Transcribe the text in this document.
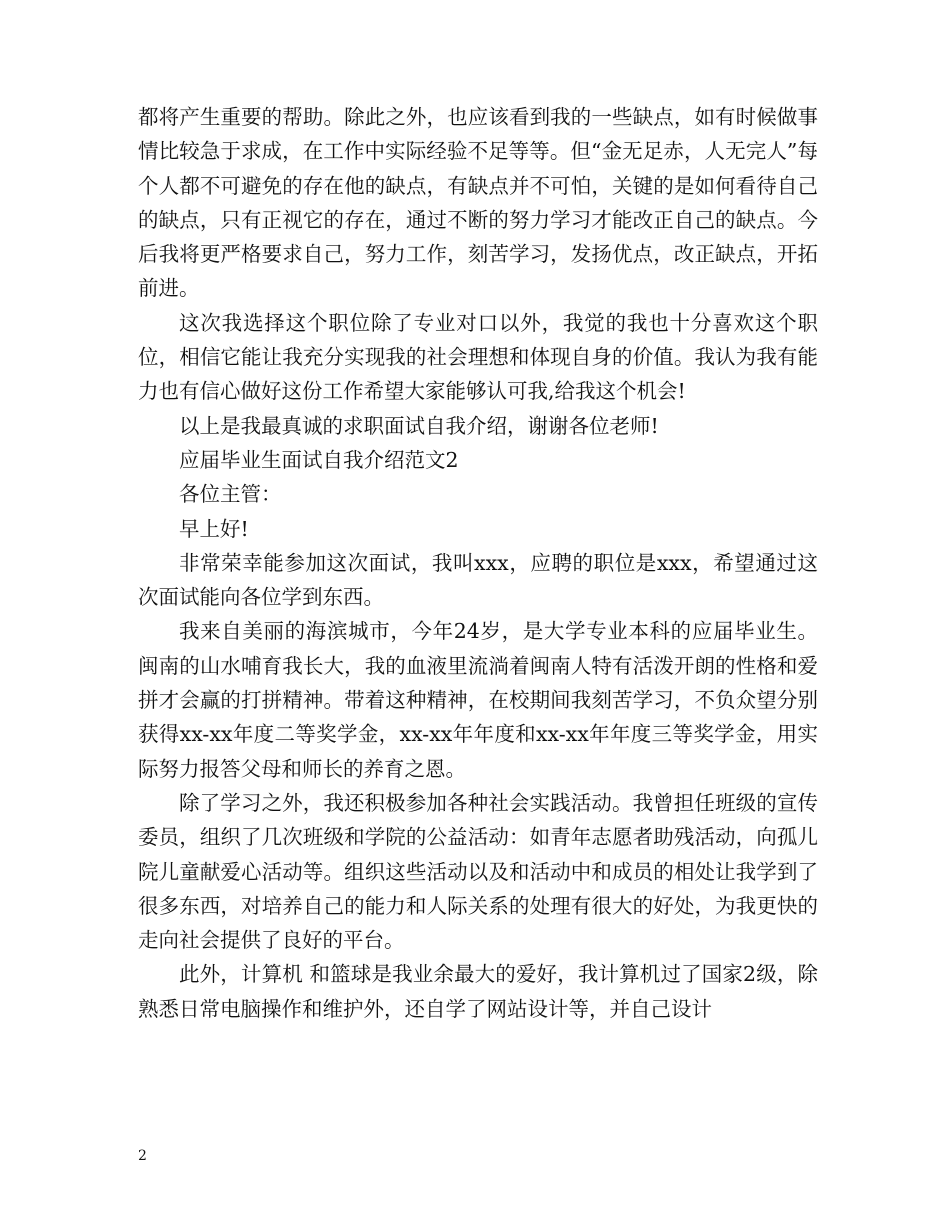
都将产生重要的帮助。除此之外，也应该看到我的一些缺点，如有时候做事情比较急于求成，在工作中实际经验不足等等。但“金无足赤，人无完人”每个人都不可避免的存在他的缺点，有缺点并不可怕，关键的是如何看待自己的缺点，只有正视它的存在，通过不断的努力学习才能改正自己的缺点。今后我将更严格要求自己，努力工作，刻苦学习，发扬优点，改正缺点，开拓前进。

这次我选择这个职位除了专业对口以外，我觉的我也十分喜欢这个职位，相信它能让我充分实现我的社会理想和体现自身的价值。我认为我有能力也有信心做好这份工作希望大家能够认可我,给我这个机会!

以上是我最真诚的求职面试自我介绍，谢谢各位老师!

应届毕业生面试自我介绍范文2

各位主管：

早上好!

非常荣幸能参加这次面试，我叫xxx，应聘的职位是xxx，希望通过这次面试能向各位学到东西。

我来自美丽的海滨城市，今年24岁，是大学专业本科的应届毕业生。闽南的山水哺育我长大，我的血液里流淌着闽南人特有活泼开朗的性格和爱拼才会赢的打拼精神。带着这种精神，在校期间我刻苦学习，不负众望分别获得xx-xx年度二等奖学金，xx-xx年年度和xx-xx年年度三等奖学金，用实际努力报答父母和师长的养育之恩。

除了学习之外，我还积极参加各种社会实践活动。我曾担任班级的宣传委员，组织了几次班级和学院的公益活动：如青年志愿者助残活动，向孤儿院儿童献爱心活动等。组织这些活动以及和活动中和成员的相处让我学到了很多东西，对培养自己的能力和人际关系的处理有很大的好处，为我更快的走向社会提供了良好的平台。

此外，计算机 和篮球是我业余最大的爱好，我计算机过了国家2级，除熟悉日常电脑操作和维护外，还自学了网站设计等，并自己设计

2
